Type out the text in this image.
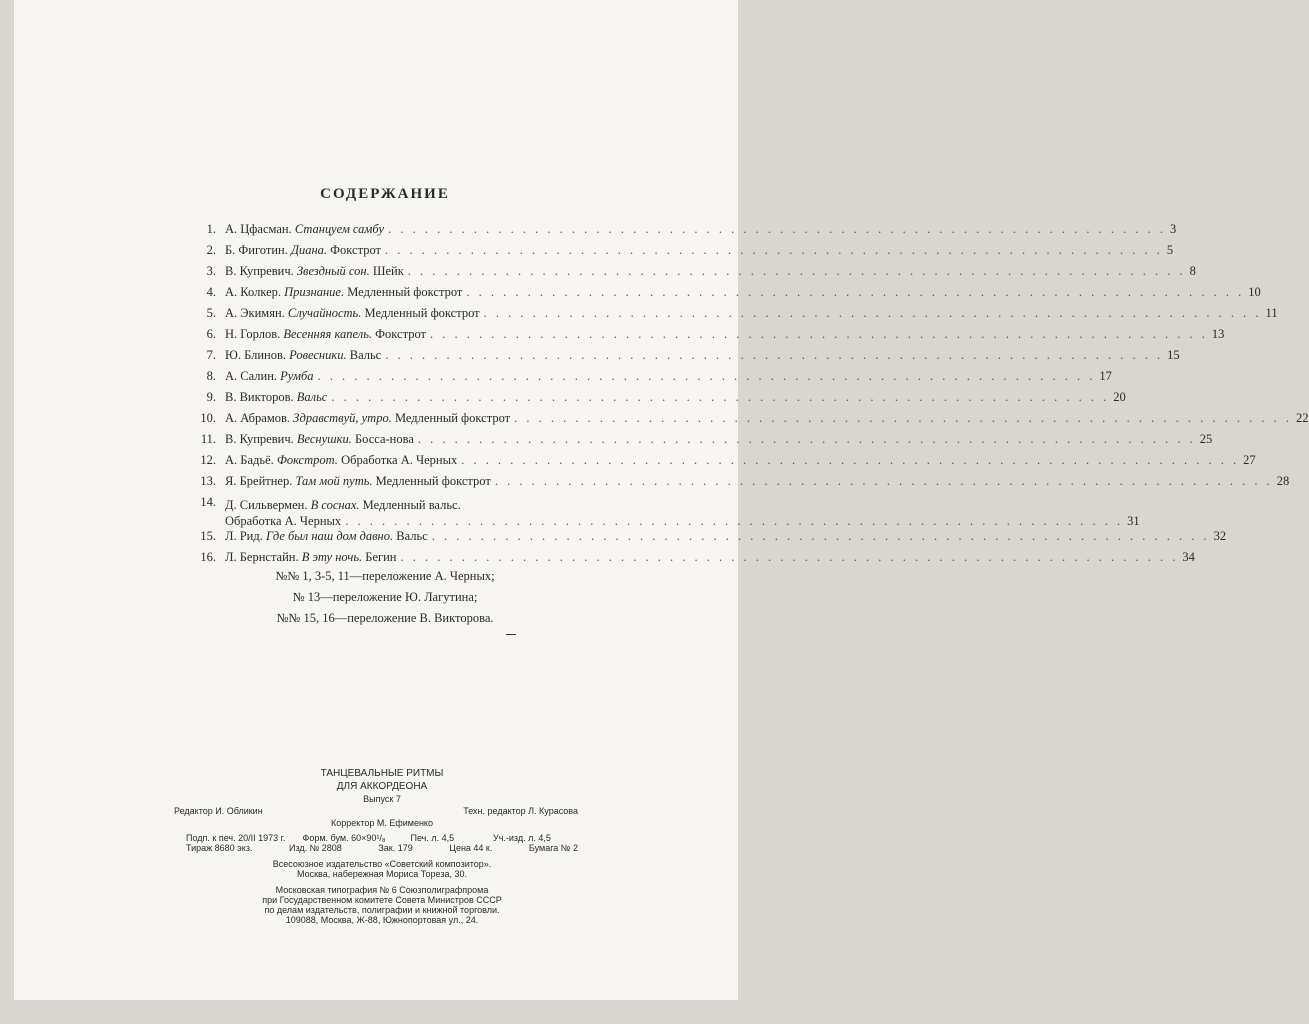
СОДЕРЖАНИЕ
1. А. Цфасман. Станцуем самбу . . .	3
2. Б. Фиготин. Диана. Фокстрот . . .	5
3. В. Купревич. Звездный сон. Шейк . . .	8
4. А. Колкер. Признание. Медленный фокстрот . . .	10
5. А. Экимян. Случайность. Медленный фокстрот . . .	11
6. Н. Горлов. Весенняя капель. Фокстрот . . .	13
7. Ю. Блинов. Ровесники. Вальс . . .	15
8. А. Салин. Румба . . .	17
9. В. Викторов. Вальс . . .	20
10. А. Абрамов. Здравствуй, утро. Медленный фокстрот . . .	22
11. В. Купревич. Веснушки. Босса-нова . . .	25
12. А. Бадьё. Фокстрот. Обработка А. Черных . . .	27
13. Я. Брейтнер. Там мой путь. Медленный фокстрот . . .	28
14. Д. Сильвермен. В соснах. Медленный вальс.
Обработка А. Черных . . .	31
15. Л. Рид. Где был наш дом давно. Вальс . . .	32
16. Л. Бернстайн. В эту ночь. Бегин . . .	34
№№ 1, 3-5, 11—переложение А. Черных;
№ 13—переложение Ю. Лагутина;
№№ 15, 16—переложение В. Викторова.
ТАНЦЕВАЛЬНЫЕ РИТМЫ
ДЛЯ АККОРДЕОНА
Выпуск 7
Редактор И. Обликин	Техн. редактор Л. Курасова
Корректор М. Ефименко
Подп. к печ. 20/II 1973 г.	Форм. бум. 60×90¹/₈	Печ. л. 4,5	Уч.-изд. л. 4,5
Тираж 8680 экз.	Изд. № 2808	Зак. 179	Цена 44 к.	Бумага № 2
Всесоюзное издательство «Советский композитор».
Москва, набережная Мориса Тореза, 30.
Московская типография № 6 Союзполиграфпрома
при Государственном комитете Совета Министров СССР
по делам издательств, полиграфии и книжной торговли.
109088, Москва, Ж-88, Южнопортовая ул., 24.
